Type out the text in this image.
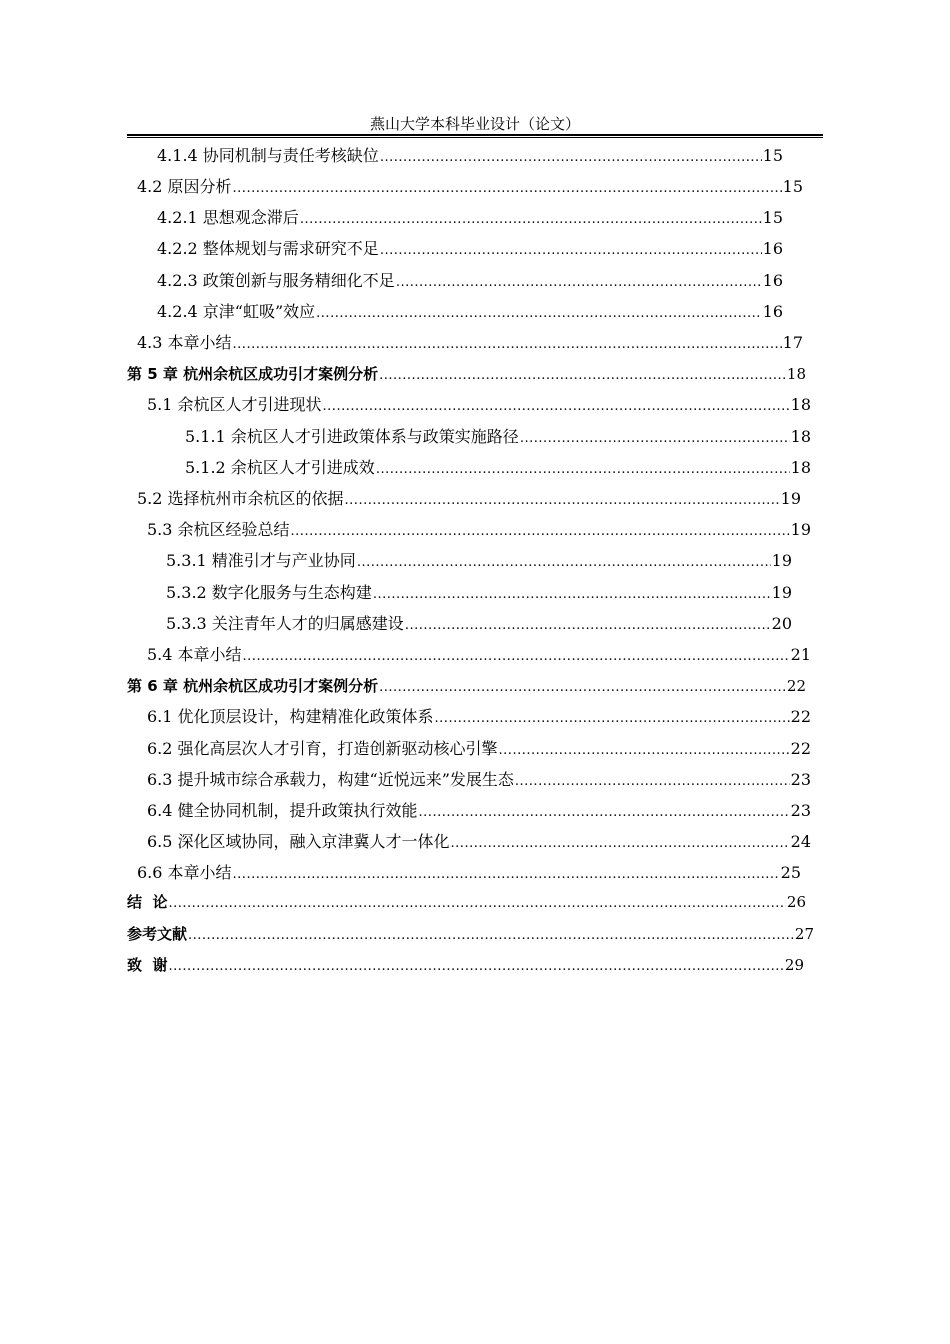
燕山大学本科毕业设计（论文）
4.1.4 协同机制与责任考核缺位 .....	15
4.2 原因分析 .....	15
4.2.1 思想观念滞后 .....	15
4.2.2 整体规划与需求研究不足 .....	16
4.2.3 政策创新与服务精细化不足 .....	16
4.2.4 京津“虹吸”效应 .....	16
4.3 本章小结 .....	17
第 5 章 杭州余杭区成功引才案例分析 .....	18
5.1 余杭区人才引进现状 .....	18
5.1.1 余杭区人才引进政策体系与政策实施路径 .....	18
5.1.2 余杭区人才引进成效 .....	18
5.2 选择杭州市余杭区的依据 .....	19
5.3 余杭区经验总结 .....	19
5.3.1 精准引才与产业协同 .....	19
5.3.2 数字化服务与生态构建 .....	19
5.3.3 关注青年人才的归属感建设 .....	20
5.4 本章小结 .....	21
第 6 章 杭州余杭区成功引才案例分析 .....	22
6.1 优化顶层设计，构建精准化政策体系 .....	22
6.2 强化高层次人才引育，打造创新驱动核心引擎 .....	22
6.3 提升城市综合承载力，构建“近悦远来”发展生态 .....	23
6.4 健全协同机制，提升政策执行效能 .....	23
6.5 深化区域协同，融入京津冀人才一体化 .....	24
6.6 本章小结 .....	25
结  论 .....	26
参考文献 .....	27
致  谢 .....	29
